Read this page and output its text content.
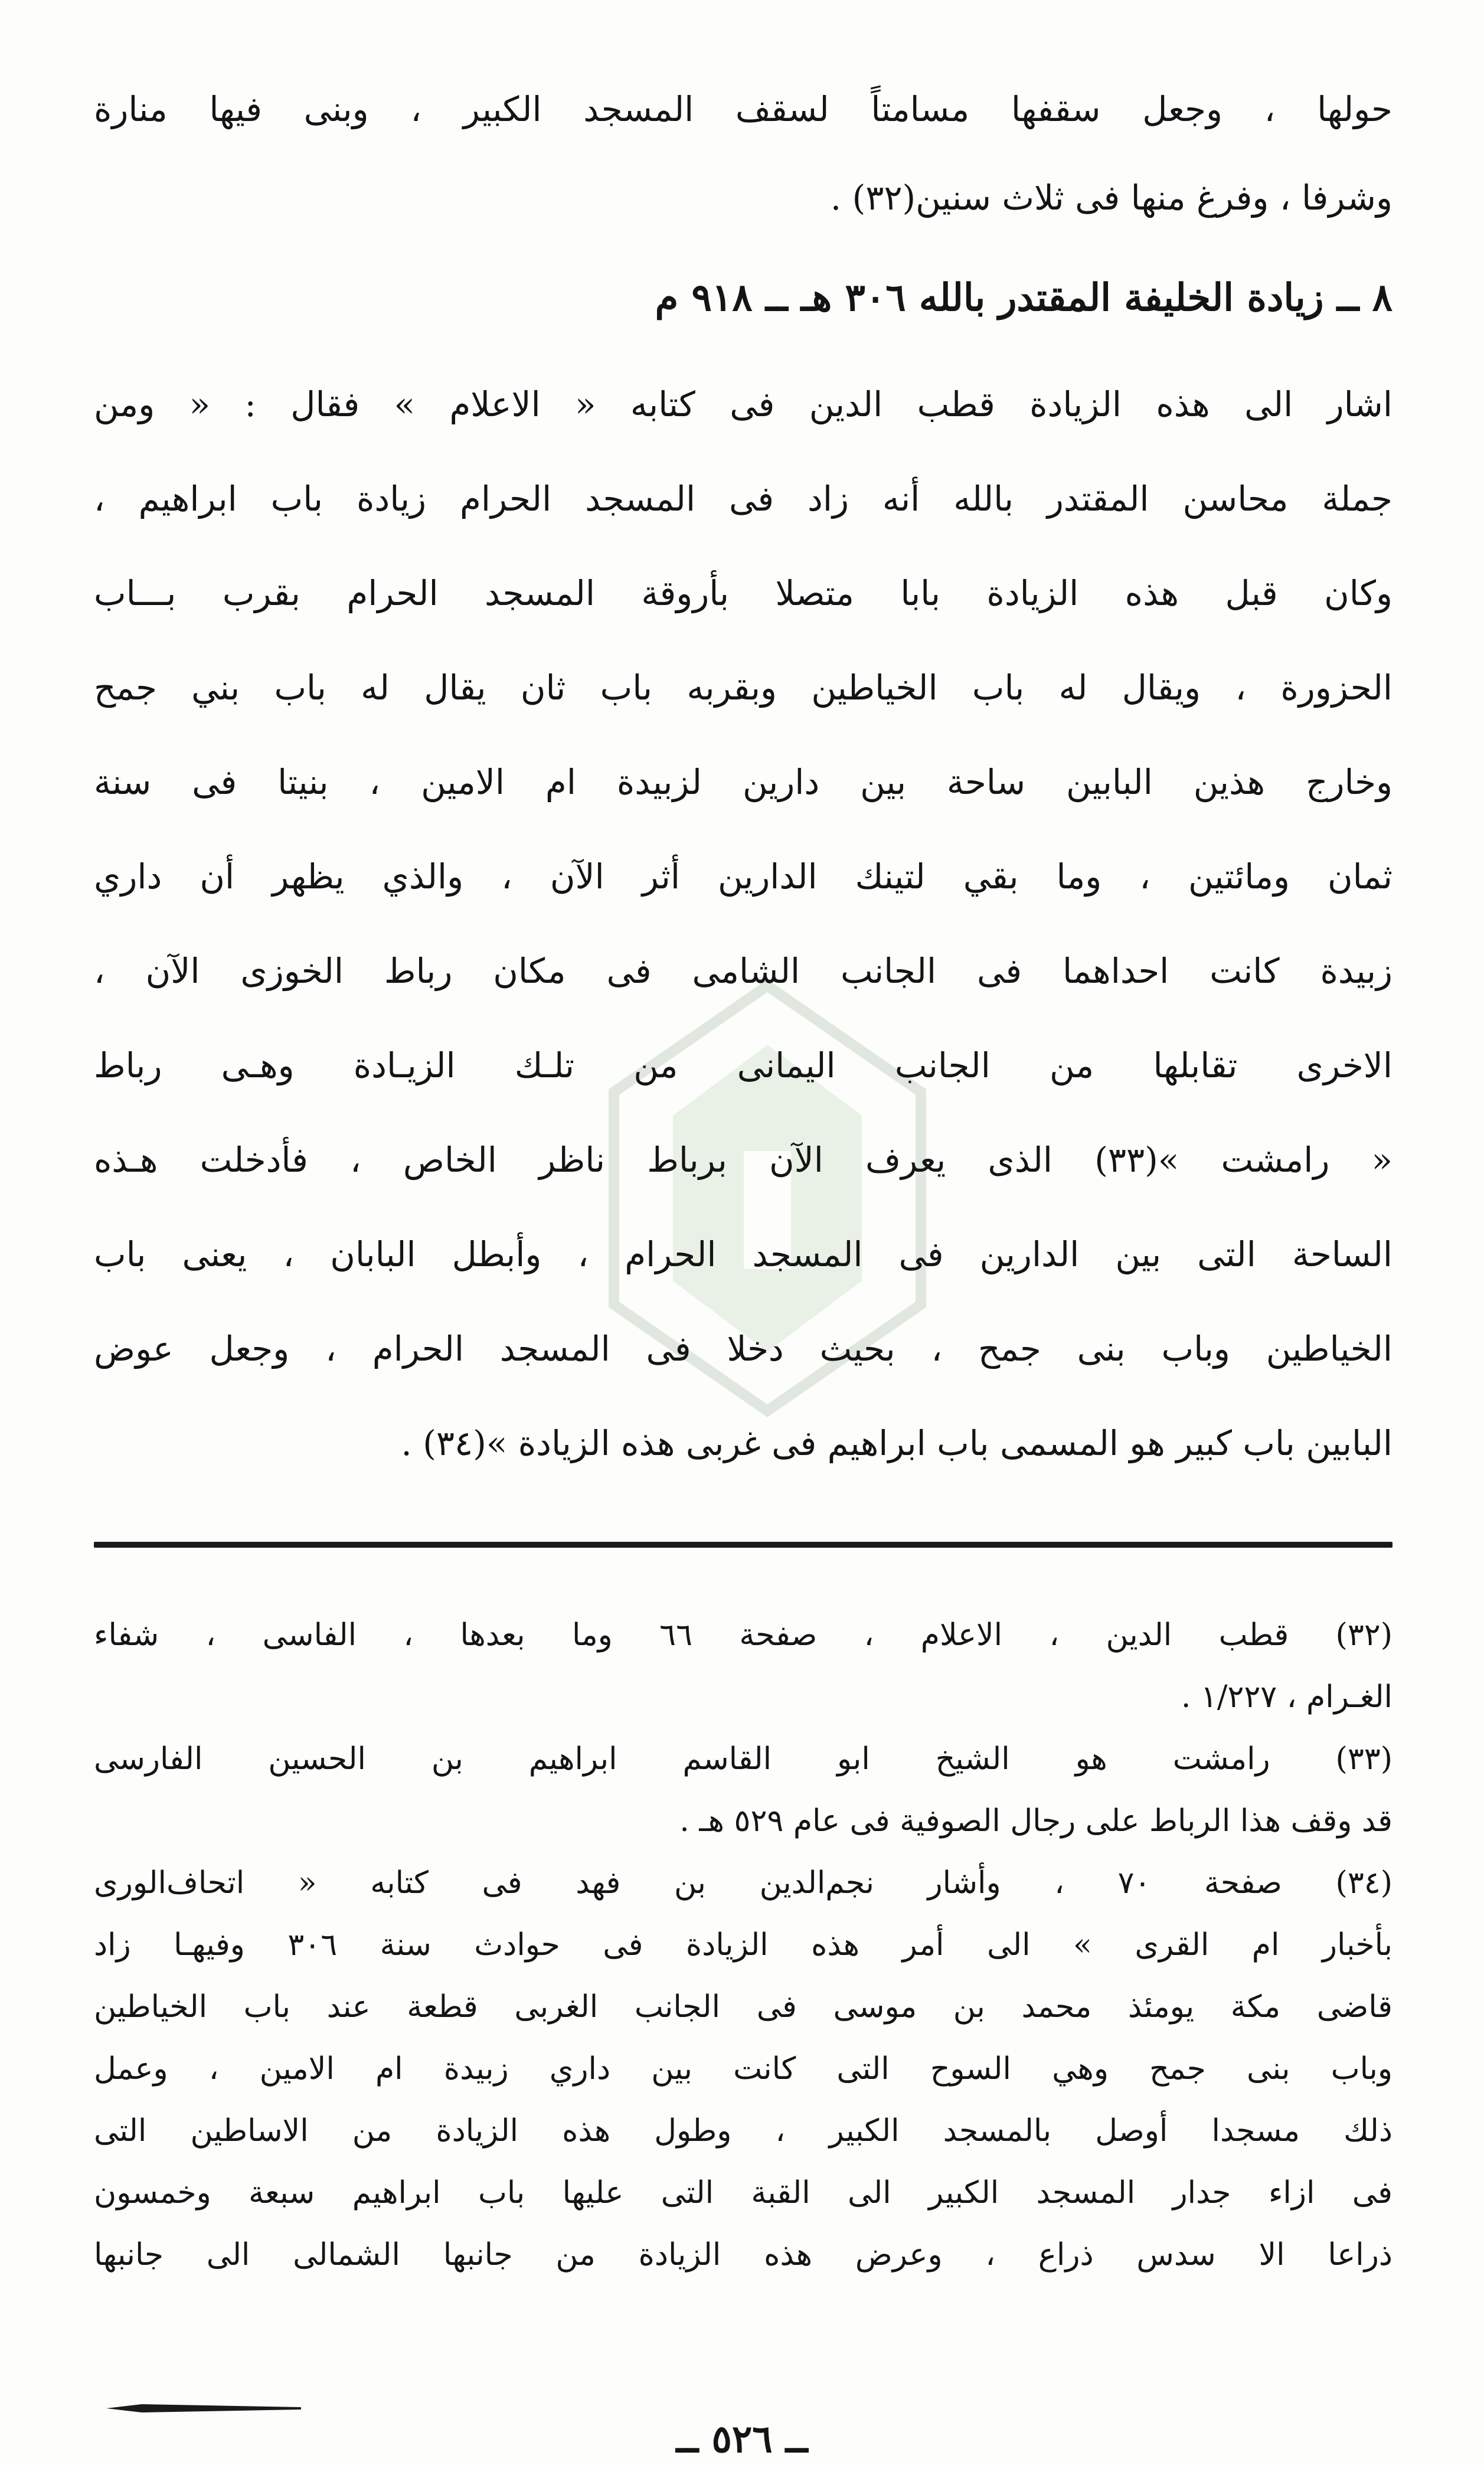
حولها ، وجعل سقفها مسامتاً لسقف المسجد الكبير ، وبنى فيها منارة
وشرفا ، وفرغ منها فى ثلاث سنين(٣٢) .
٨ ــ زيادة الخليفة المقتدر بالله ٣٠٦ هـ ــ ٩١٨ م
اشار الى هذه الزيادة قطب الدين فى كتابه « الاعلام » فقال : « ومن
جملة محاسن المقتدر بالله أنه زاد فى المسجد الحرام زيادة باب ابراهيم ،
وكان قبل هذه الزيادة بابا متصلا بأروقة المسجد الحرام بقرب بـــاب
الحزورة ، ويقال له باب الخياطين وبقربه باب ثان يقال له باب بني جمح
وخارج هذين البابين ساحة بين دارين لزبيدة ام الامين ، بنيتا فى سنة
ثمان ومائتين ، وما بقي لتينك الدارين أثر الآن ، والذي يظهر أن داري
زبيدة كانت احداهما فى الجانب الشامى فى مكان رباط الخوزى الآن ،
الاخرى تقابلها من الجانب اليمانى من تلـك الزيـادة وهـى رباط
« رامشت »(٣٣) الذى يعرف الآن برباط ناظر الخاص ، فأدخلت هـذه
الساحة التى بين الدارين فى المسجد الحرام ، وأبطل البابان ، يعنى باب
الخياطين وباب بنى جمح ، بحيث دخلا فى المسجد الحرام ، وجعل عوض
البابين باب كبير هو المسمى باب ابراهيم فى غربى هذه الزيادة »(٣٤) .
(٣٢) قطب الدين ، الاعلام ، صفحة ٦٦ وما بعدها ، الفاسى ، شفاء
الغـرام ، ١/٢٢٧ .
(٣٣) رامشت هو الشيخ ابو القاسم ابراهيم بن الحسين الفارسى
قد وقف هذا الرباط على رجال الصوفية فى عام ٥٢٩ هـ .
(٣٤) صفحة ٧٠ ، وأشار نجم‌الدين بن فهد فى كتابه « اتحاف‌الورى
بأخبار ام القرى » الى أمر هذه الزيادة فى حوادث سنة ٣٠٦ وفيهـا زاد
قاضى مكة يومئذ محمد بن موسى فى الجانب الغربى قطعة عند باب الخياطين
وباب بنى جمح وهي السوح التى كانت بين داري زبيدة ام الامين ، وعمل
ذلك مسجدا أوصل بالمسجد الكبير ، وطول هذه الزيادة من الاساطين التى
فى ازاء جدار المسجد الكبير الى القبة التى عليها باب ابراهيم سبعة وخمسون
ذراعا الا سدس ذراع ، وعرض هذه الزيادة من جانبها الشمالى الى جانبها
ــ ٥٢٦ ــ
